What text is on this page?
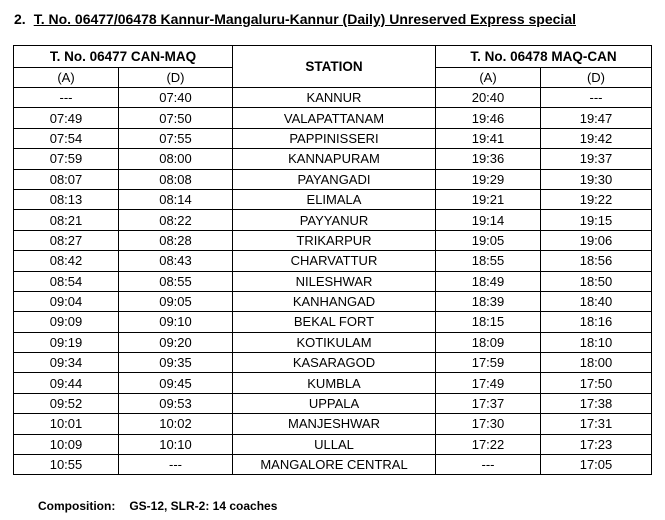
2. T. No. 06477/06478 Kannur-Mangaluru-Kannur (Daily) Unreserved Express special
T. No. 06477 CAN-MAQ		STATION	T. No. 06478 MAQ-CAN	
(A)	(D)		(A)	(D)
---	07:40	KANNUR	20:40	---
07:49	07:50	VALAPATTANAM	19:46	19:47
07:54	07:55	PAPPINISSERI	19:41	19:42
07:59	08:00	KANNAPURAM	19:36	19:37
08:07	08:08	PAYANGADI	19:29	19:30
08:13	08:14	ELIMALA	19:21	19:22
08:21	08:22	PAYYANUR	19:14	19:15
08:27	08:28	TRIKARPUR	19:05	19:06
08:42	08:43	CHARVATTUR	18:55	18:56
08:54	08:55	NILESHWAR	18:49	18:50
09:04	09:05	KANHANGAD	18:39	18:40
09:09	09:10	BEKAL FORT	18:15	18:16
09:19	09:20	KOTIKULAM	18:09	18:10
09:34	09:35	KASARAGOD	17:59	18:00
09:44	09:45	KUMBLA	17:49	17:50
09:52	09:53	UPPALA	17:37	17:38
10:01	10:02	MANJESHWAR	17:30	17:31
10:09	10:10	ULLAL	17:22	17:23
10:55	---	MANGALORE CENTRAL	---	17:05
Composition: GS-12, SLR-2: 14 coaches
